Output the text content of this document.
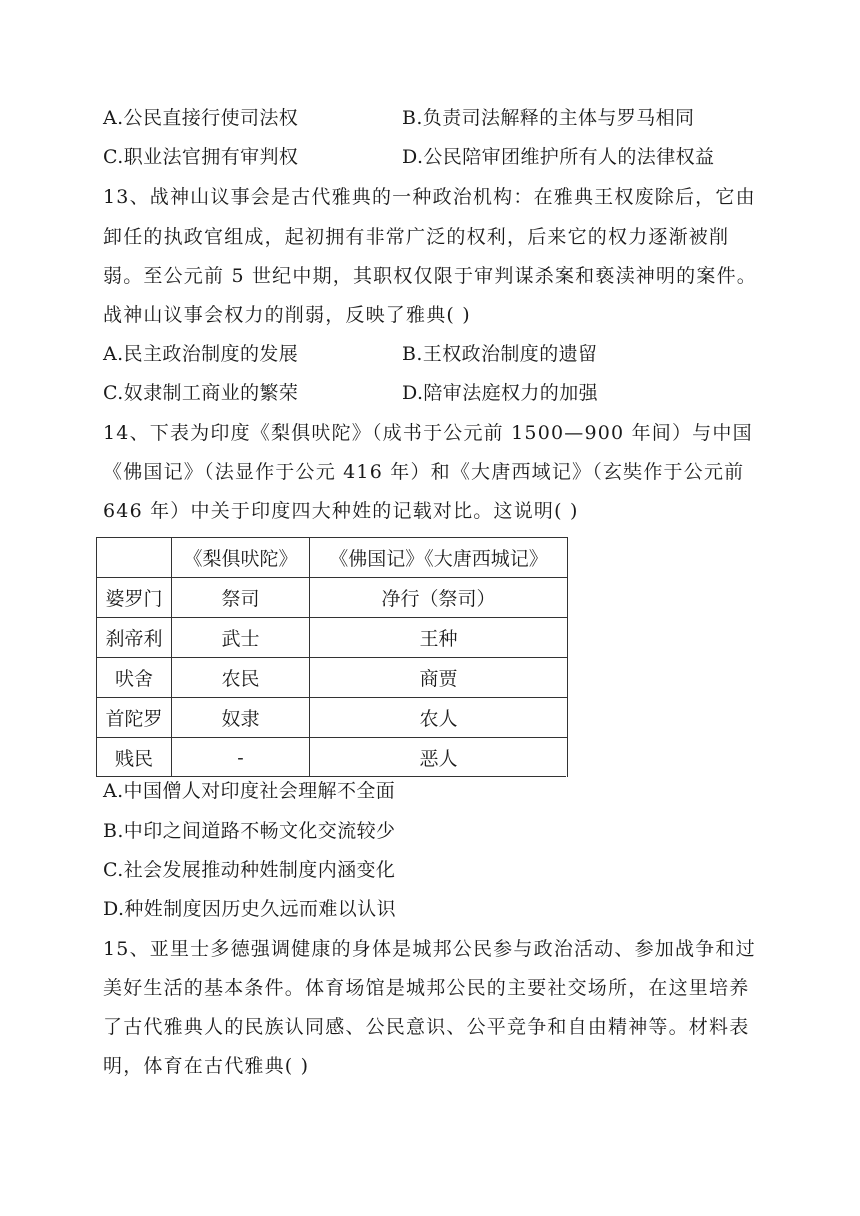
A.公民直接行使司法权	B.负责司法解释的主体与罗马相同
C.职业法官拥有审判权	D.公民陪审团维护所有人的法律权益
13、战神山议事会是古代雅典的一种政治机构：在雅典王权废除后，它由
卸任的执政官组成，起初拥有非常广泛的权利，后来它的权力逐渐被削
弱。至公元前 5 世纪中期，其职权仅限于审判谋杀案和亵渎神明的案件。
战神山议事会权力的削弱，反映了雅典( )
A.民主政治制度的发展	B.王权政治制度的遗留
C.奴隶制工商业的繁荣	D.陪审法庭权力的加强
14、下表为印度《梨俱吠陀》（成书于公元前 1500—900 年间）与中国
《佛国记》（法显作于公元 416 年）和《大唐西域记》（玄奘作于公元前
646 年）中关于印度四大种姓的记载对比。这说明( )
	《梨俱吠陀》	《佛国记》《大唐西城记》
婆罗门	祭司	净行（祭司）
刹帝利	武士	王种
吠舍	农民	商贾
首陀罗	奴隶	农人
贱民	-	恶人
A.中国僧人对印度社会理解不全面
B.中印之间道路不畅文化交流较少
C.社会发展推动种姓制度内涵变化
D.种姓制度因历史久远而难以认识
15、亚里士多德强调健康的身体是城邦公民参与政治活动、参加战争和过
美好生活的基本条件。体育场馆是城邦公民的主要社交场所，在这里培养
了古代雅典人的民族认同感、公民意识、公平竞争和自由精神等。材料表
明，体育在古代雅典( )
